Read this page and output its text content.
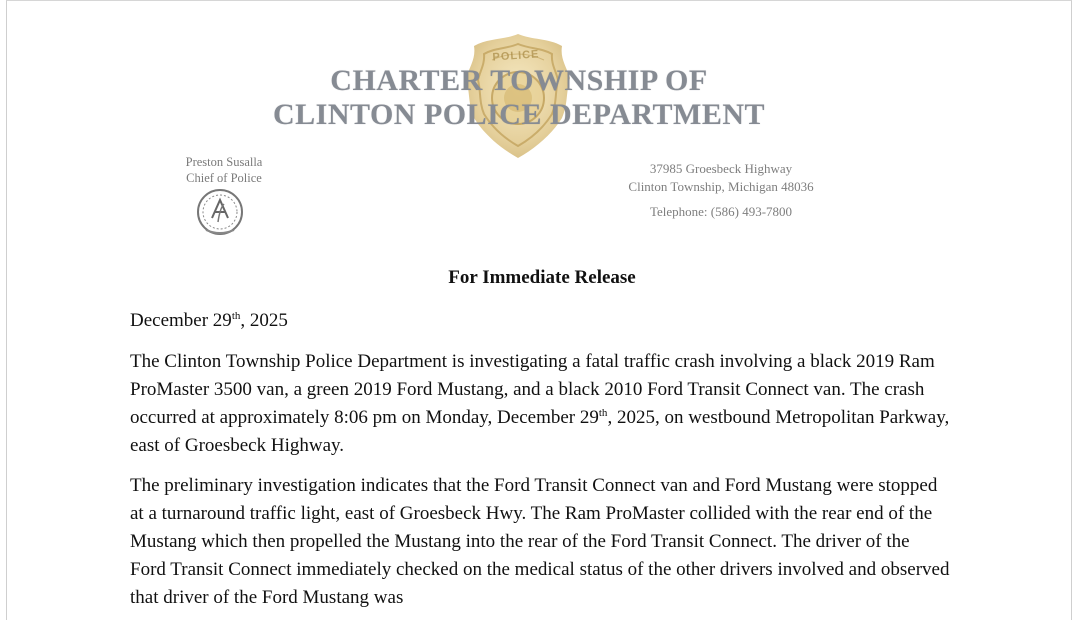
POLICE
CHARTER TOWNSHIP OF
CLINTON POLICE DEPARTMENT
Preston Susalla
Chief of Police
37985 Groesbeck Highway
Clinton Township, Michigan 48036
Telephone: (586) 493-7800
For Immediate Release

December 29th, 2025

The Clinton Township Police Department is investigating a fatal traffic crash involving a black 2019 Ram ProMaster 3500 van, a green 2019 Ford Mustang, and a black 2010 Ford Transit Connect van. The crash occurred at approximately 8:06 pm on Monday, December 29th, 2025, on westbound Metropolitan Parkway, east of Groesbeck Highway.

The preliminary investigation indicates that the Ford Transit Connect van and Ford Mustang were stopped at a turnaround traffic light, east of Groesbeck Hwy. The Ram ProMaster collided with the rear end of the Mustang which then propelled the Mustang into the rear of the Ford Transit Connect. The driver of the Ford Transit Connect immediately checked on the medical status of the other drivers involved and observed that driver of the Ford Mustang was
